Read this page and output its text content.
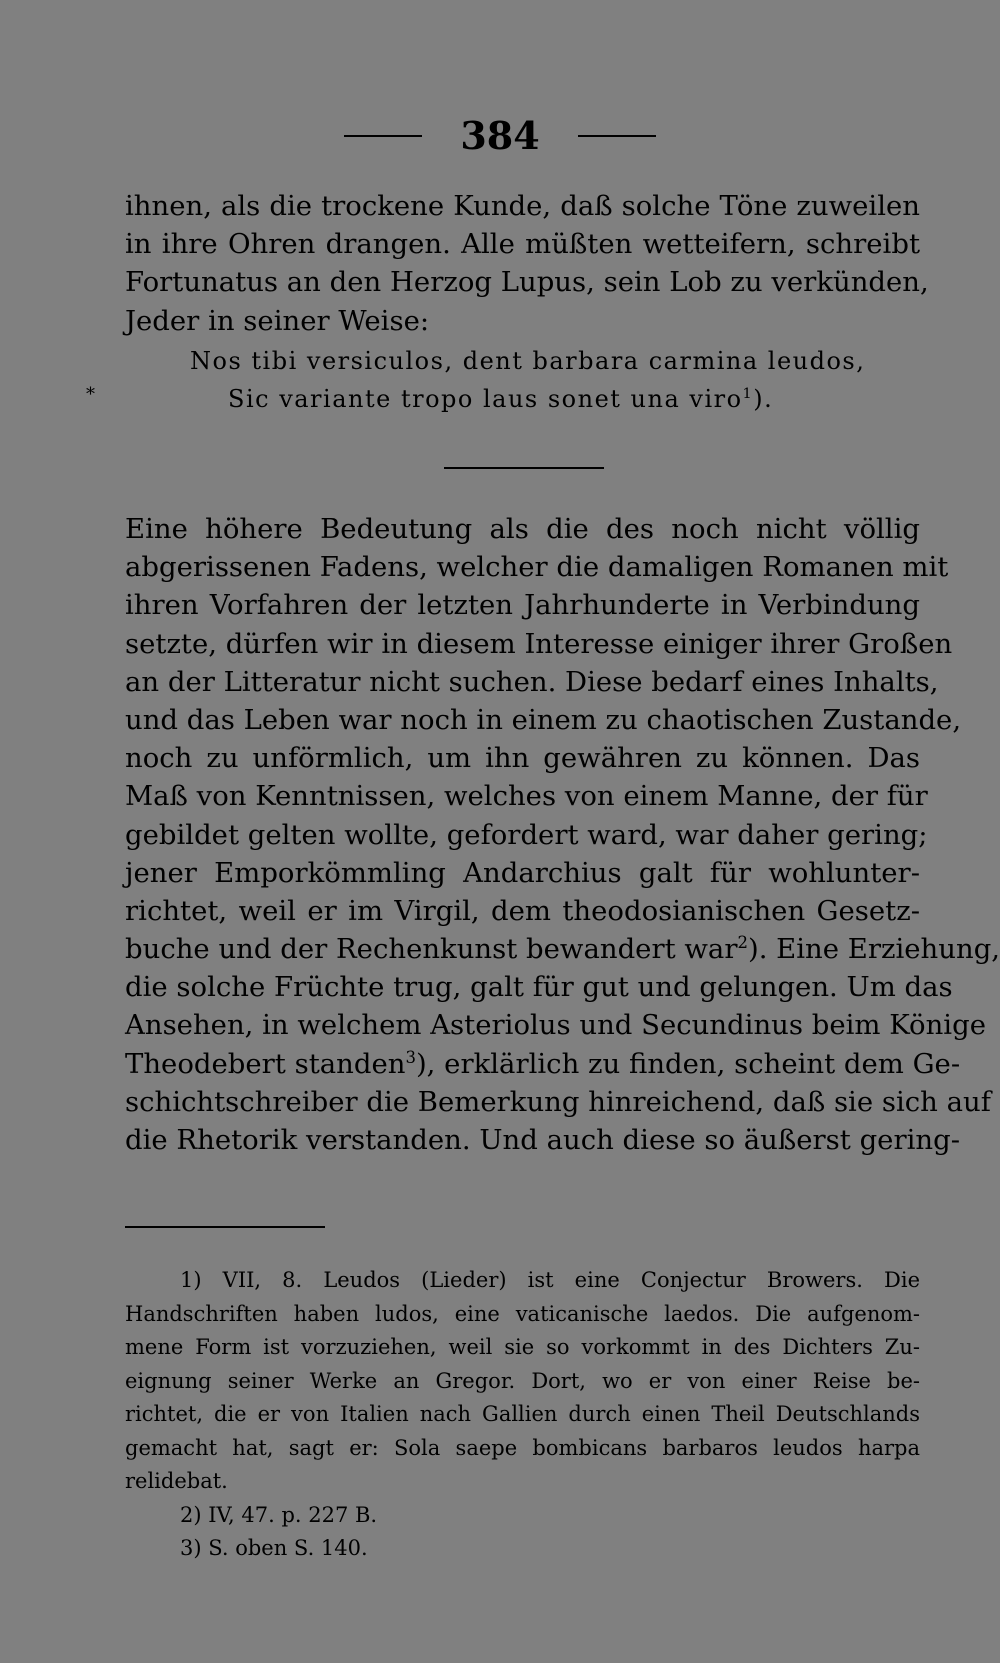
384
ihnen, als die trockene Kunde, daß solche Töne zuweilen
in ihre Ohren drangen. Alle müßten wetteifern, schreibt
Fortunatus an den Herzog Lupus, sein Lob zu verkünden,
Jeder in seiner Weise:
Nos tibi versiculos, dent barbara carmina leudos,
*	Sic variante tropo laus sonet una viro$^1$).
Eine höhere Bedeutung als die des noch nicht völlig
abgerissenen Fadens, welcher die damaligen Romanen mit
ihren Vorfahren der letzten Jahrhunderte in Verbindung
setzte, dürfen wir in diesem Interesse einiger ihrer Großen
an der Litteratur nicht suchen. Diese bedarf eines Inhalts,
und das Leben war noch in einem zu chaotischen Zustande,
noch zu unförmlich, um ihn gewähren zu können. Das
Maß von Kenntnissen, welches von einem Manne, der für
gebildet gelten wollte, gefordert ward, war daher gering;
jener Emporkömmling Andarchius galt für wohlunter-
richtet, weil er im Virgil, dem theodosianischen Gesetz-
buche und der Rechenkunst bewandert war$^2$). Eine Erziehung,
die solche Früchte trug, galt für gut und gelungen. Um das
Ansehen, in welchem Asteriolus und Secundinus beim Könige
Theodebert standen$^3$), erklärlich zu finden, scheint dem Ge-
schichtschreiber die Bemerkung hinreichend, daß sie sich auf
die Rhetorik verstanden. Und auch diese so äußerst gering-
1) VII, 8. Leudos (Lieder) ist eine Conjectur Browers. Die
Handschriften haben ludos, eine vaticanische laedos. Die aufgenom-
mene Form ist vorzuziehen, weil sie so vorkommt in des Dichters Zu-
eignung seiner Werke an Gregor. Dort, wo er von einer Reise be-
richtet, die er von Italien nach Gallien durch einen Theil Deutschlands
gemacht hat, sagt er: Sola saepe bombicans barbaros leudos harpa
relidebat.
2) IV, 47. p. 227 B.
3) S. oben S. 140.
